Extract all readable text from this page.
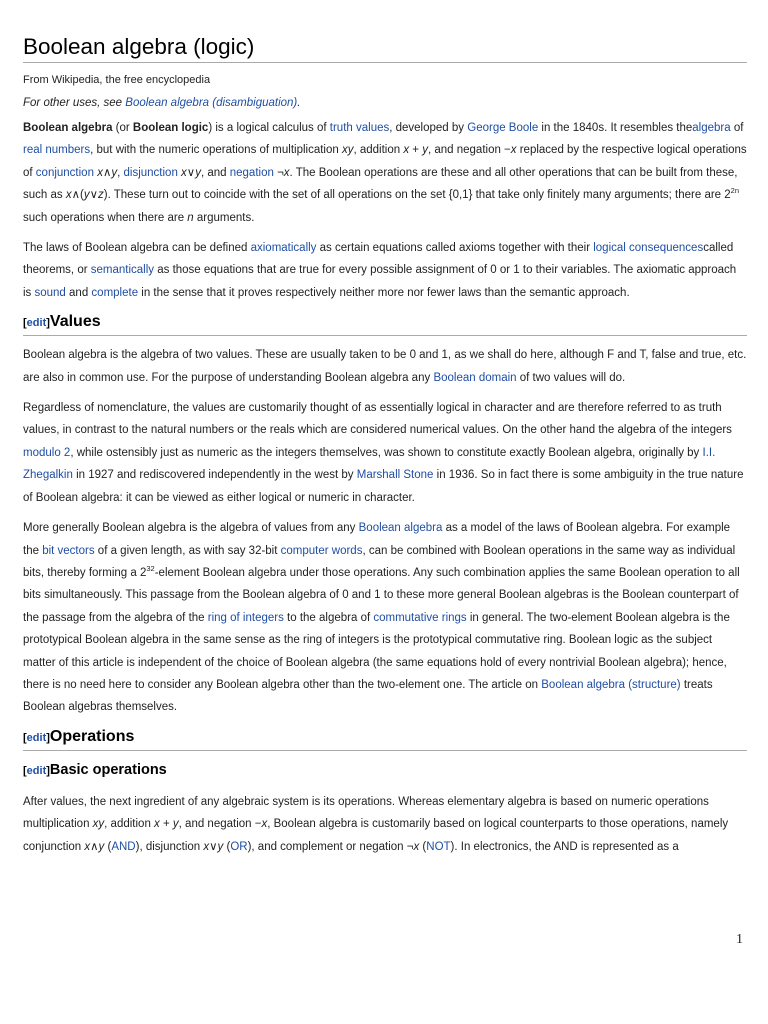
Boolean algebra (logic)
From Wikipedia, the free encyclopedia
For other uses, see Boolean algebra (disambiguation).

Boolean algebra (or Boolean logic) is a logical calculus of truth values, developed by George Boole in the 1840s. It resembles thealgebra of real numbers, but with the numeric operations of multiplication xy, addition x + y, and negation −x replaced by the respective logical operations of conjunction x∧y, disjunction x∨y, and negation ¬x. The Boolean operations are these and all other operations that can be built from these, such as x∧(y∨z). These turn out to coincide with the set of all operations on the set {0,1} that take only finitely many arguments; there are $2^{2n}$ such operations when there are n arguments.

The laws of Boolean algebra can be defined axiomatically as certain equations called axioms together with their logical consequencescalled theorems, or semantically as those equations that are true for every possible assignment of 0 or 1 to their variables. The axiomatic approach is sound and complete in the sense that it proves respectively neither more nor fewer laws than the semantic approach.

[edit]Values

Boolean algebra is the algebra of two values. These are usually taken to be 0 and 1, as we shall do here, although F and T, false and true, etc. are also in common use. For the purpose of understanding Boolean algebra any Boolean domain of two values will do.

Regardless of nomenclature, the values are customarily thought of as essentially logical in character and are therefore referred to as truth values, in contrast to the natural numbers or the reals which are considered numerical values. On the other hand the algebra of the integers modulo 2, while ostensibly just as numeric as the integers themselves, was shown to constitute exactly Boolean algebra, originally by I.I. Zhegalkin in 1927 and rediscovered independently in the west by Marshall Stone in 1936. So in fact there is some ambiguity in the true nature of Boolean algebra: it can be viewed as either logical or numeric in character.

More generally Boolean algebra is the algebra of values from any Boolean algebra as a model of the laws of Boolean algebra. For example the bit vectors of a given length, as with say 32-bit computer words, can be combined with Boolean operations in the same way as individual bits, thereby forming a $2^{32}$-element Boolean algebra under those operations. Any such combination applies the same Boolean operation to all bits simultaneously. This passage from the Boolean algebra of 0 and 1 to these more general Boolean algebras is the Boolean counterpart of the passage from the algebra of the ring of integers to the algebra of commutative rings in general. The two-element Boolean algebra is the prototypical Boolean algebra in the same sense as the ring of integers is the prototypical commutative ring. Boolean logic as the subject matter of this article is independent of the choice of Boolean algebra (the same equations hold of every nontrivial Boolean algebra); hence, there is no need here to consider any Boolean algebra other than the two-element one. The article on Boolean algebra (structure) treats Boolean algebras themselves.

[edit]Operations
[edit]Basic operations

After values, the next ingredient of any algebraic system is its operations. Whereas elementary algebra is based on numeric operations multiplication xy, addition x + y, and negation −x, Boolean algebra is customarily based on logical counterparts to those operations, namely conjunction x∧y (AND), disjunction x∨y (OR), and complement or negation ¬x (NOT). In electronics, the AND is represented as a

1
